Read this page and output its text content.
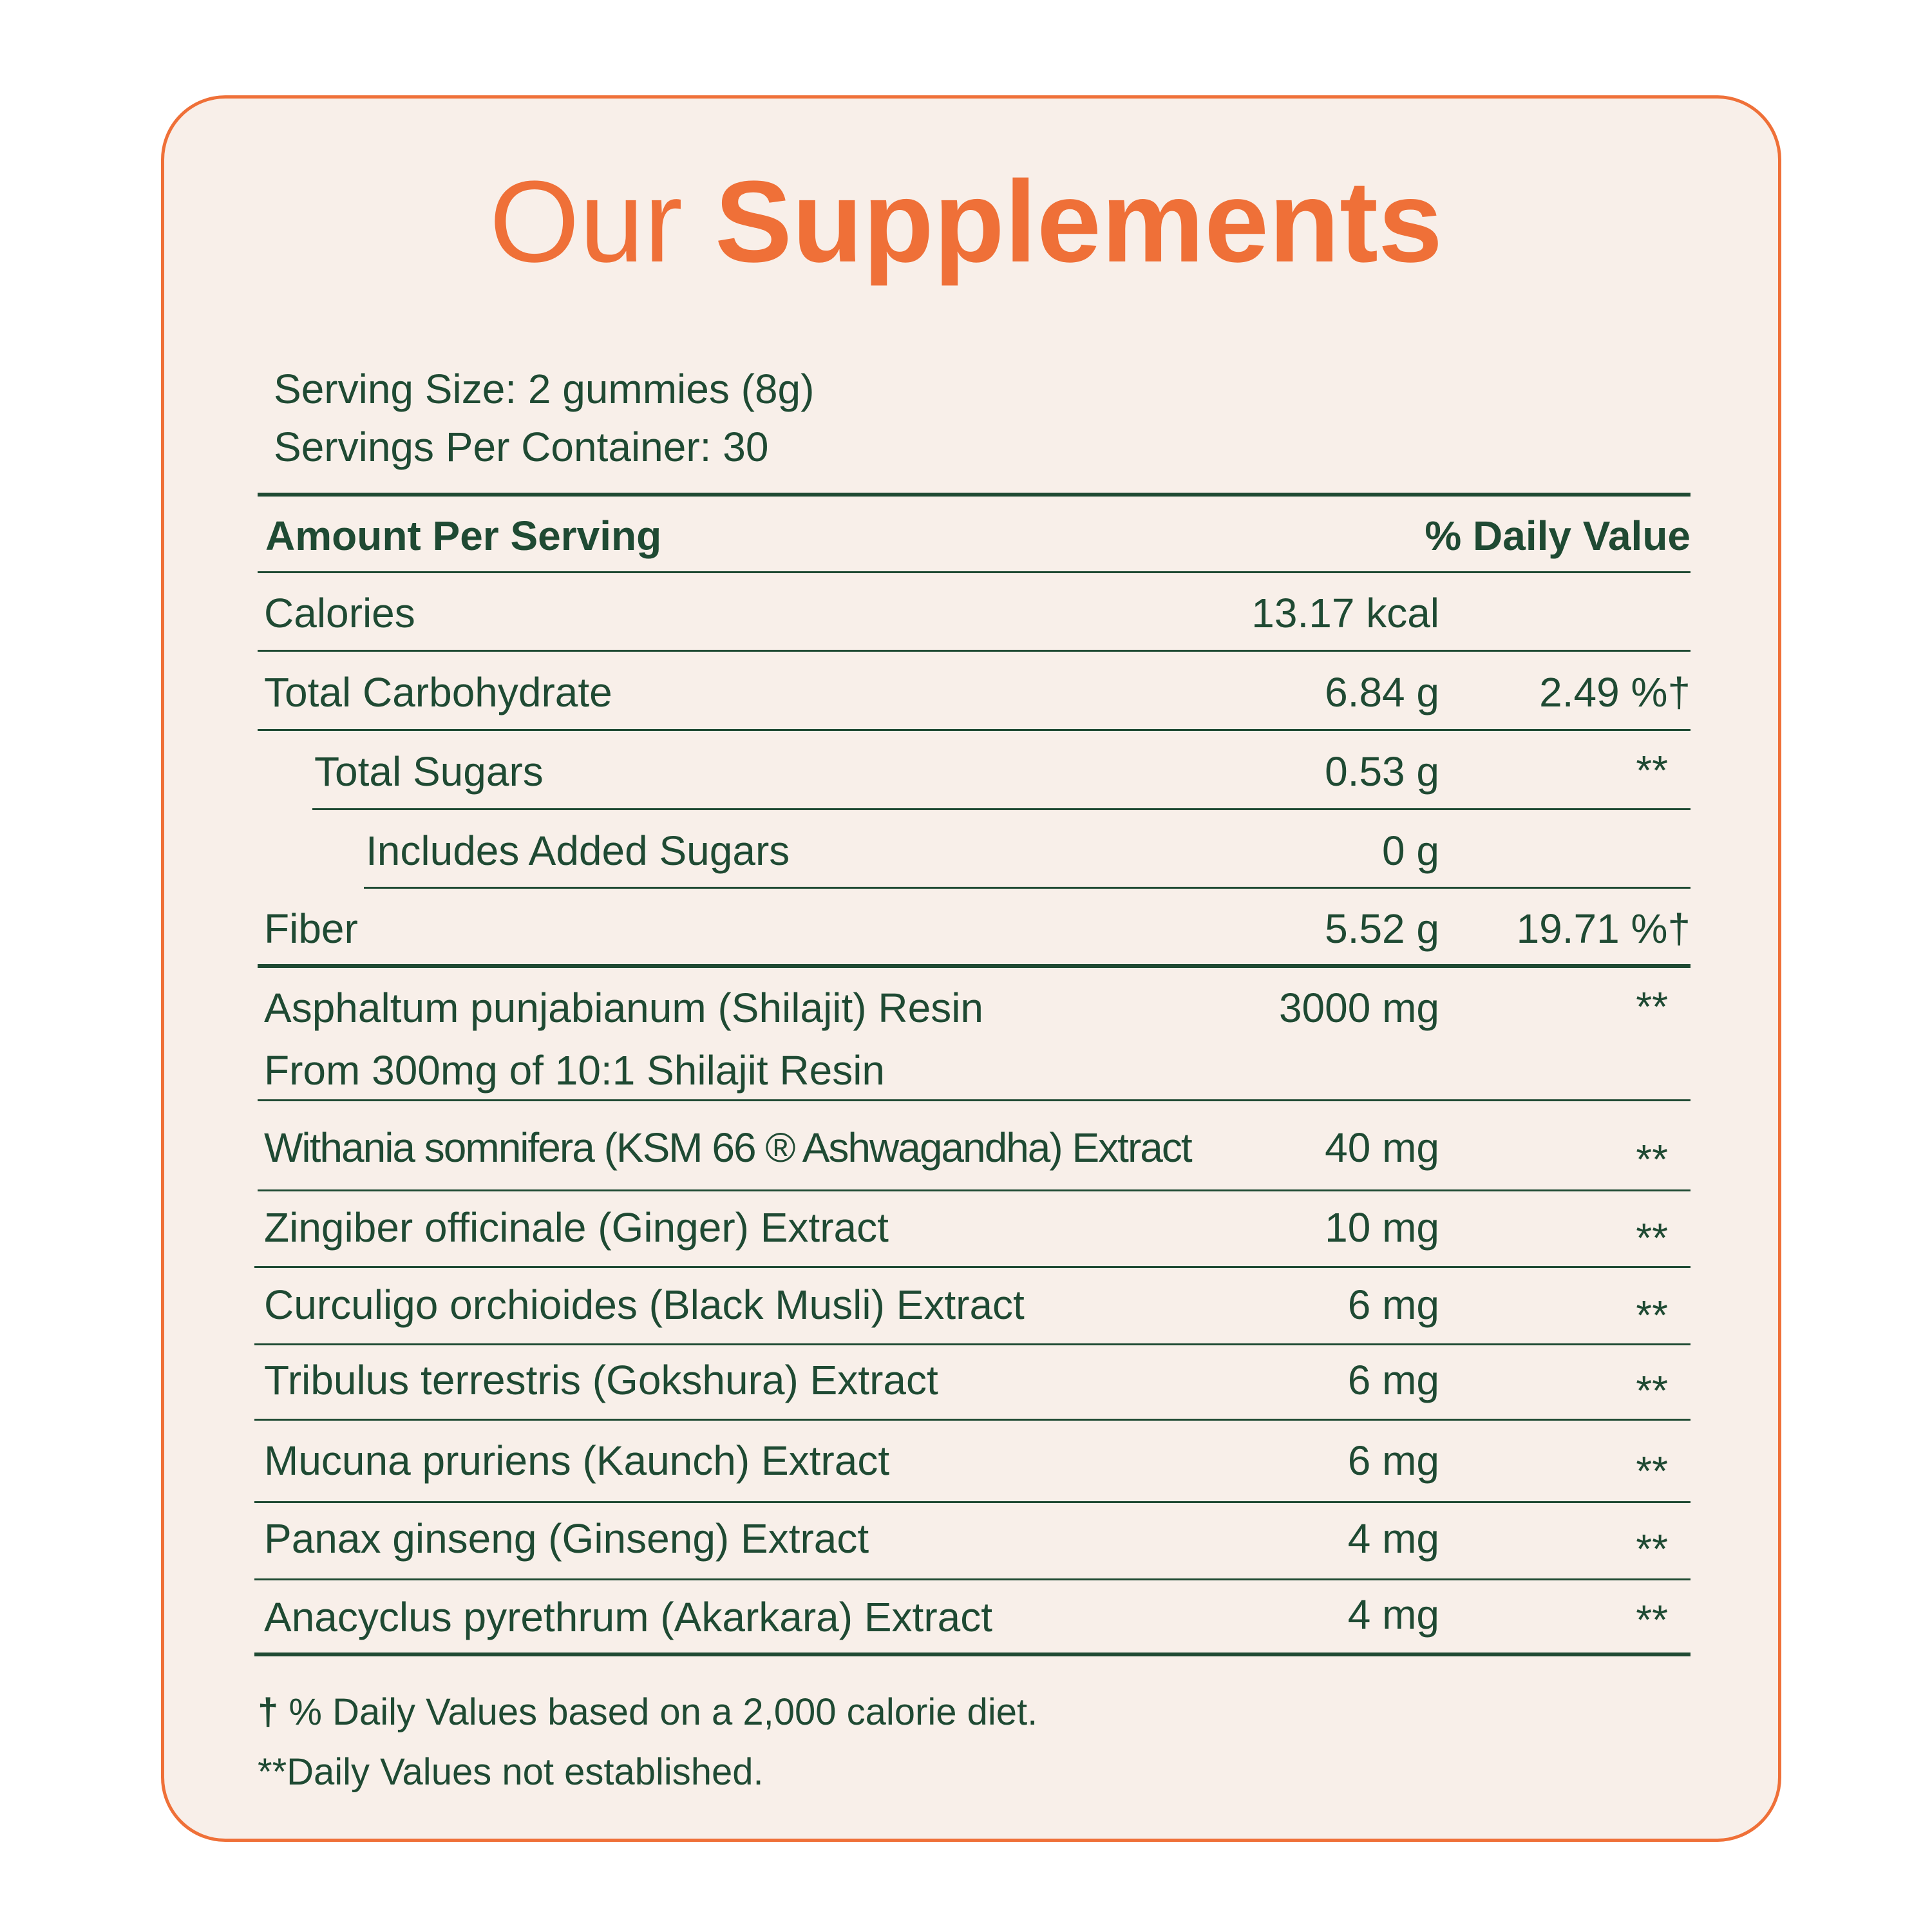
Our Supplements
Serving Size: 2 gummies (8g)
Servings Per Container: 30
Amount Per Serving	% Daily Value
Calories	13.17 kcal
Total Carbohydrate	6.84 g 2.49 %†
Total Sugars	0.53 g	**
Includes Added Sugars	0 g
Fiber	5.52 g 19.71 %†
Asphaltum punjabianum (Shilajit) Resin
From 300mg of 10:1 Shilajit Resin
3000 mg	**
Withania somnifera (KSM 66 ® Ashwagandha) Extract	40 mg	**
Zingiber officinale (Ginger) Extract	10 mg	**
Curculigo orchioides (Black Musli) Extract	6 mg	**
Tribulus terrestris (Gokshura) Extract	6 mg	**
Mucuna pruriens (Kaunch) Extract	6 mg	**
Panax ginseng (Ginseng) Extract	4 mg	**
Anacyclus pyrethrum (Akarkara) Extract	4 mg	**
† % Daily Values based on a 2,000 calorie diet.
**Daily Values not established.
